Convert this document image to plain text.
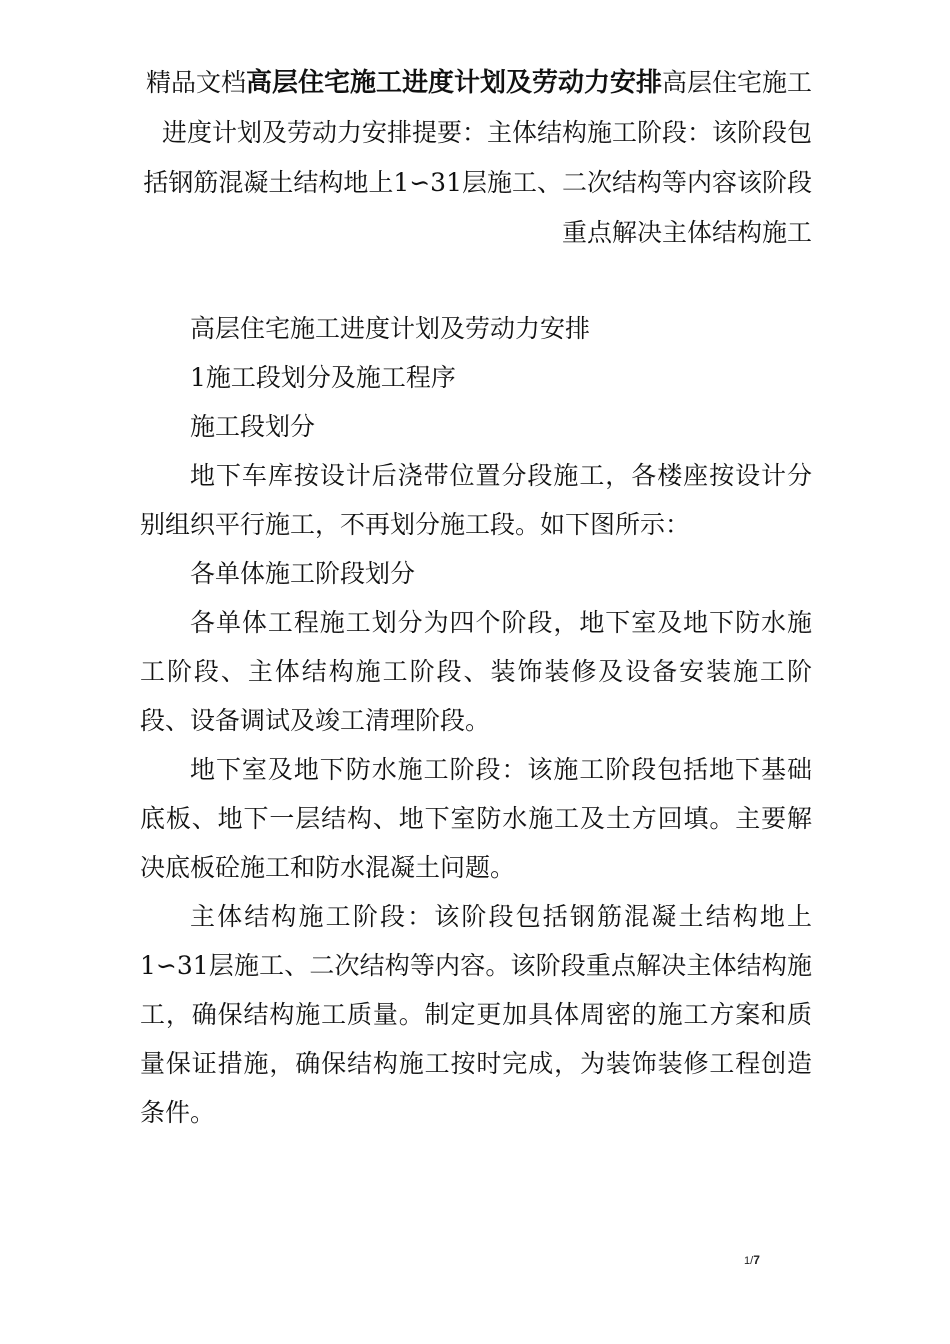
精品文档高层住宅施工进度计划及劳动力安排高层住宅施工进度计划及劳动力安排提要：主体结构施工阶段：该阶段包括钢筋混凝土结构地上1∽31层施工、二次结构等内容该阶段重点解决主体结构施工

高层住宅施工进度计划及劳动力安排

1施工段划分及施工程序

施工段划分

地下车库按设计后浇带位置分段施工，各楼座按设计分别组织平行施工，不再划分施工段。如下图所示：

各单体施工阶段划分

各单体工程施工划分为四个阶段，地下室及地下防水施工阶段、主体结构施工阶段、装饰装修及设备安装施工阶段、设备调试及竣工清理阶段。

地下室及地下防水施工阶段：该施工阶段包括地下基础底板、地下一层结构、地下室防水施工及土方回填。主要解决底板砼施工和防水混凝土问题。

主体结构施工阶段：该阶段包括钢筋混凝土结构地上1∽31层施工、二次结构等内容。该阶段重点解决主体结构施工，确保结构施工质量。制定更加具体周密的施工方案和质量保证措施，确保结构施工按时完成，为装饰装修工程创造条件。

1/7
